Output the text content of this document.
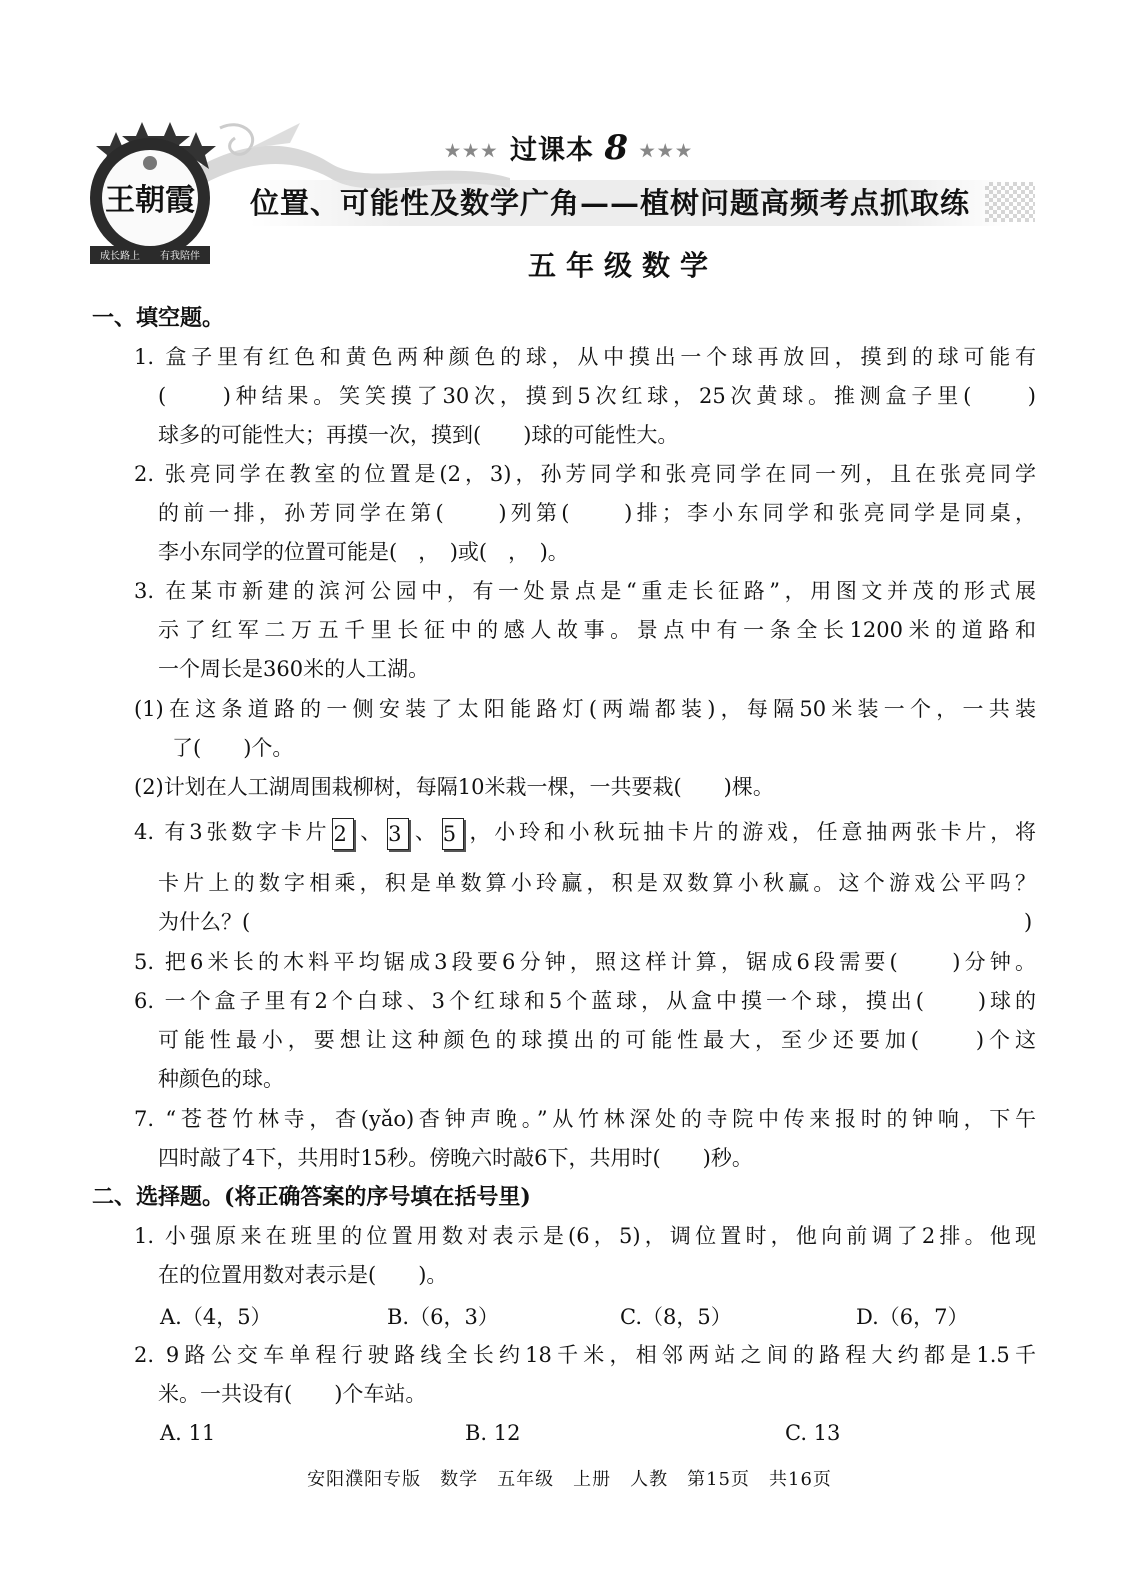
王朝霞
成长路上 有我陪伴
★★★ 过课本 8 ★★★
位置、可能性及数学广角——植树问题高频考点抓取练
五年级数学
一、填空题。
1. 盒子里有红色和黄色两种颜色的球，从中摸出一个球再放回，摸到的球可能有
(　　)种结果。笑笑摸了30次，摸到5次红球，25次黄球。推测盒子里(　　)
球多的可能性大；再摸一次，摸到(　　)球的可能性大。
2. 张亮同学在教室的位置是(2，3)，孙芳同学和张亮同学在同一列，且在张亮同学
的前一排，孙芳同学在第(　　)列第(　　)排；李小东同学和张亮同学是同桌，
李小东同学的位置可能是(　，　)或(　，　)。
3. 在某市新建的滨河公园中，有一处景点是“重走长征路”，用图文并茂的形式展
示了红军二万五千里长征中的感人故事。景点中有一条全长1200米的道路和
一个周长是360米的人工湖。
(1)在这条道路的一侧安装了太阳能路灯(两端都装)，每隔50米装一个，一共装
了(　　)个。
(2)计划在人工湖周围栽柳树，每隔10米栽一棵，一共要栽(　　)棵。
4. 有3张数字卡片 2 、 3 、 5 ，小玲和小秋玩抽卡片的游戏，任意抽两张卡片，将
卡片上的数字相乘，积是单数算小玲赢，积是双数算小秋赢。这个游戏公平吗？
为什么？(	)
5. 把6米长的木料平均锯成3段要6分钟，照这样计算，锯成6段需要(　　)分钟。
6. 一个盒子里有2个白球、3个红球和5个蓝球，从盒中摸一个球，摸出(　　)球的
可能性最小，要想让这种颜色的球摸出的可能性最大，至少还要加(　　)个这
种颜色的球。
7. “苍苍竹林寺，杳(yǎo)杳钟声晚。”从竹林深处的寺院中传来报时的钟响，下午
四时敲了4下，共用时15秒。傍晚六时敲6下，共用时(　　)秒。
二、选择题。(将正确答案的序号填在括号里)
1. 小强原来在班里的位置用数对表示是(6，5)，调位置时，他向前调了2排。他现
在的位置用数对表示是(　　)。
A.（4，5）	B.（6，3）	C.（8，5）	D.（6，7）
2. 9路公交车单程行驶路线全长约18千米，相邻两站之间的路程大约都是1.5千
米。一共设有(　　)个车站。
A. 11	B. 12	C. 13
安阳濮阳专版　数学　五年级　上册　人教　第15页　共16页
